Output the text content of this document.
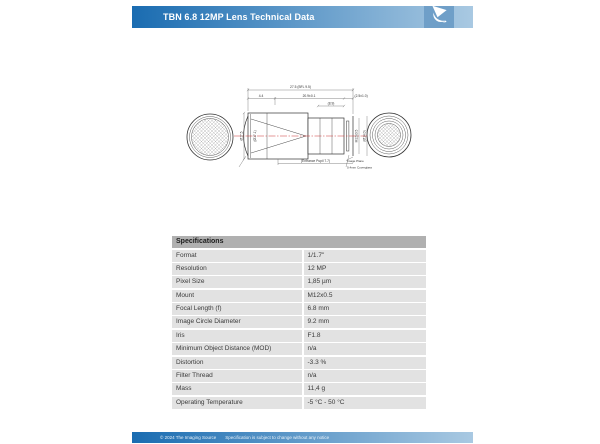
TBN 6.8 12MP Lens Technical Data
27.5 (BFL 9.5)
4.4	20.9±0.1	(2.5±1.0)
(8.9)
Ø17.5	(Ø17.1)	M12x0.5 (Ø14.0)
(Entrance Pupil 7.7)	Image Plane
0.4mm Coverglass
Specifications
Format	1/1.7"
Resolution	12 MP
Pixel Size	1,85 µm
Mount	M12x0.5
Focal Length (f)	6.8 mm
Image Circle Diameter	9.2 mm
Iris	F1.8
Minimum Object Distance (MOD)	n/a
Distortion	-3.3 %
Filter Thread	n/a
Mass	11,4 g
Operating Temperature	-5 °C - 50 °C
© 2024 The Imaging Source	Specification is subject to change without any notice
